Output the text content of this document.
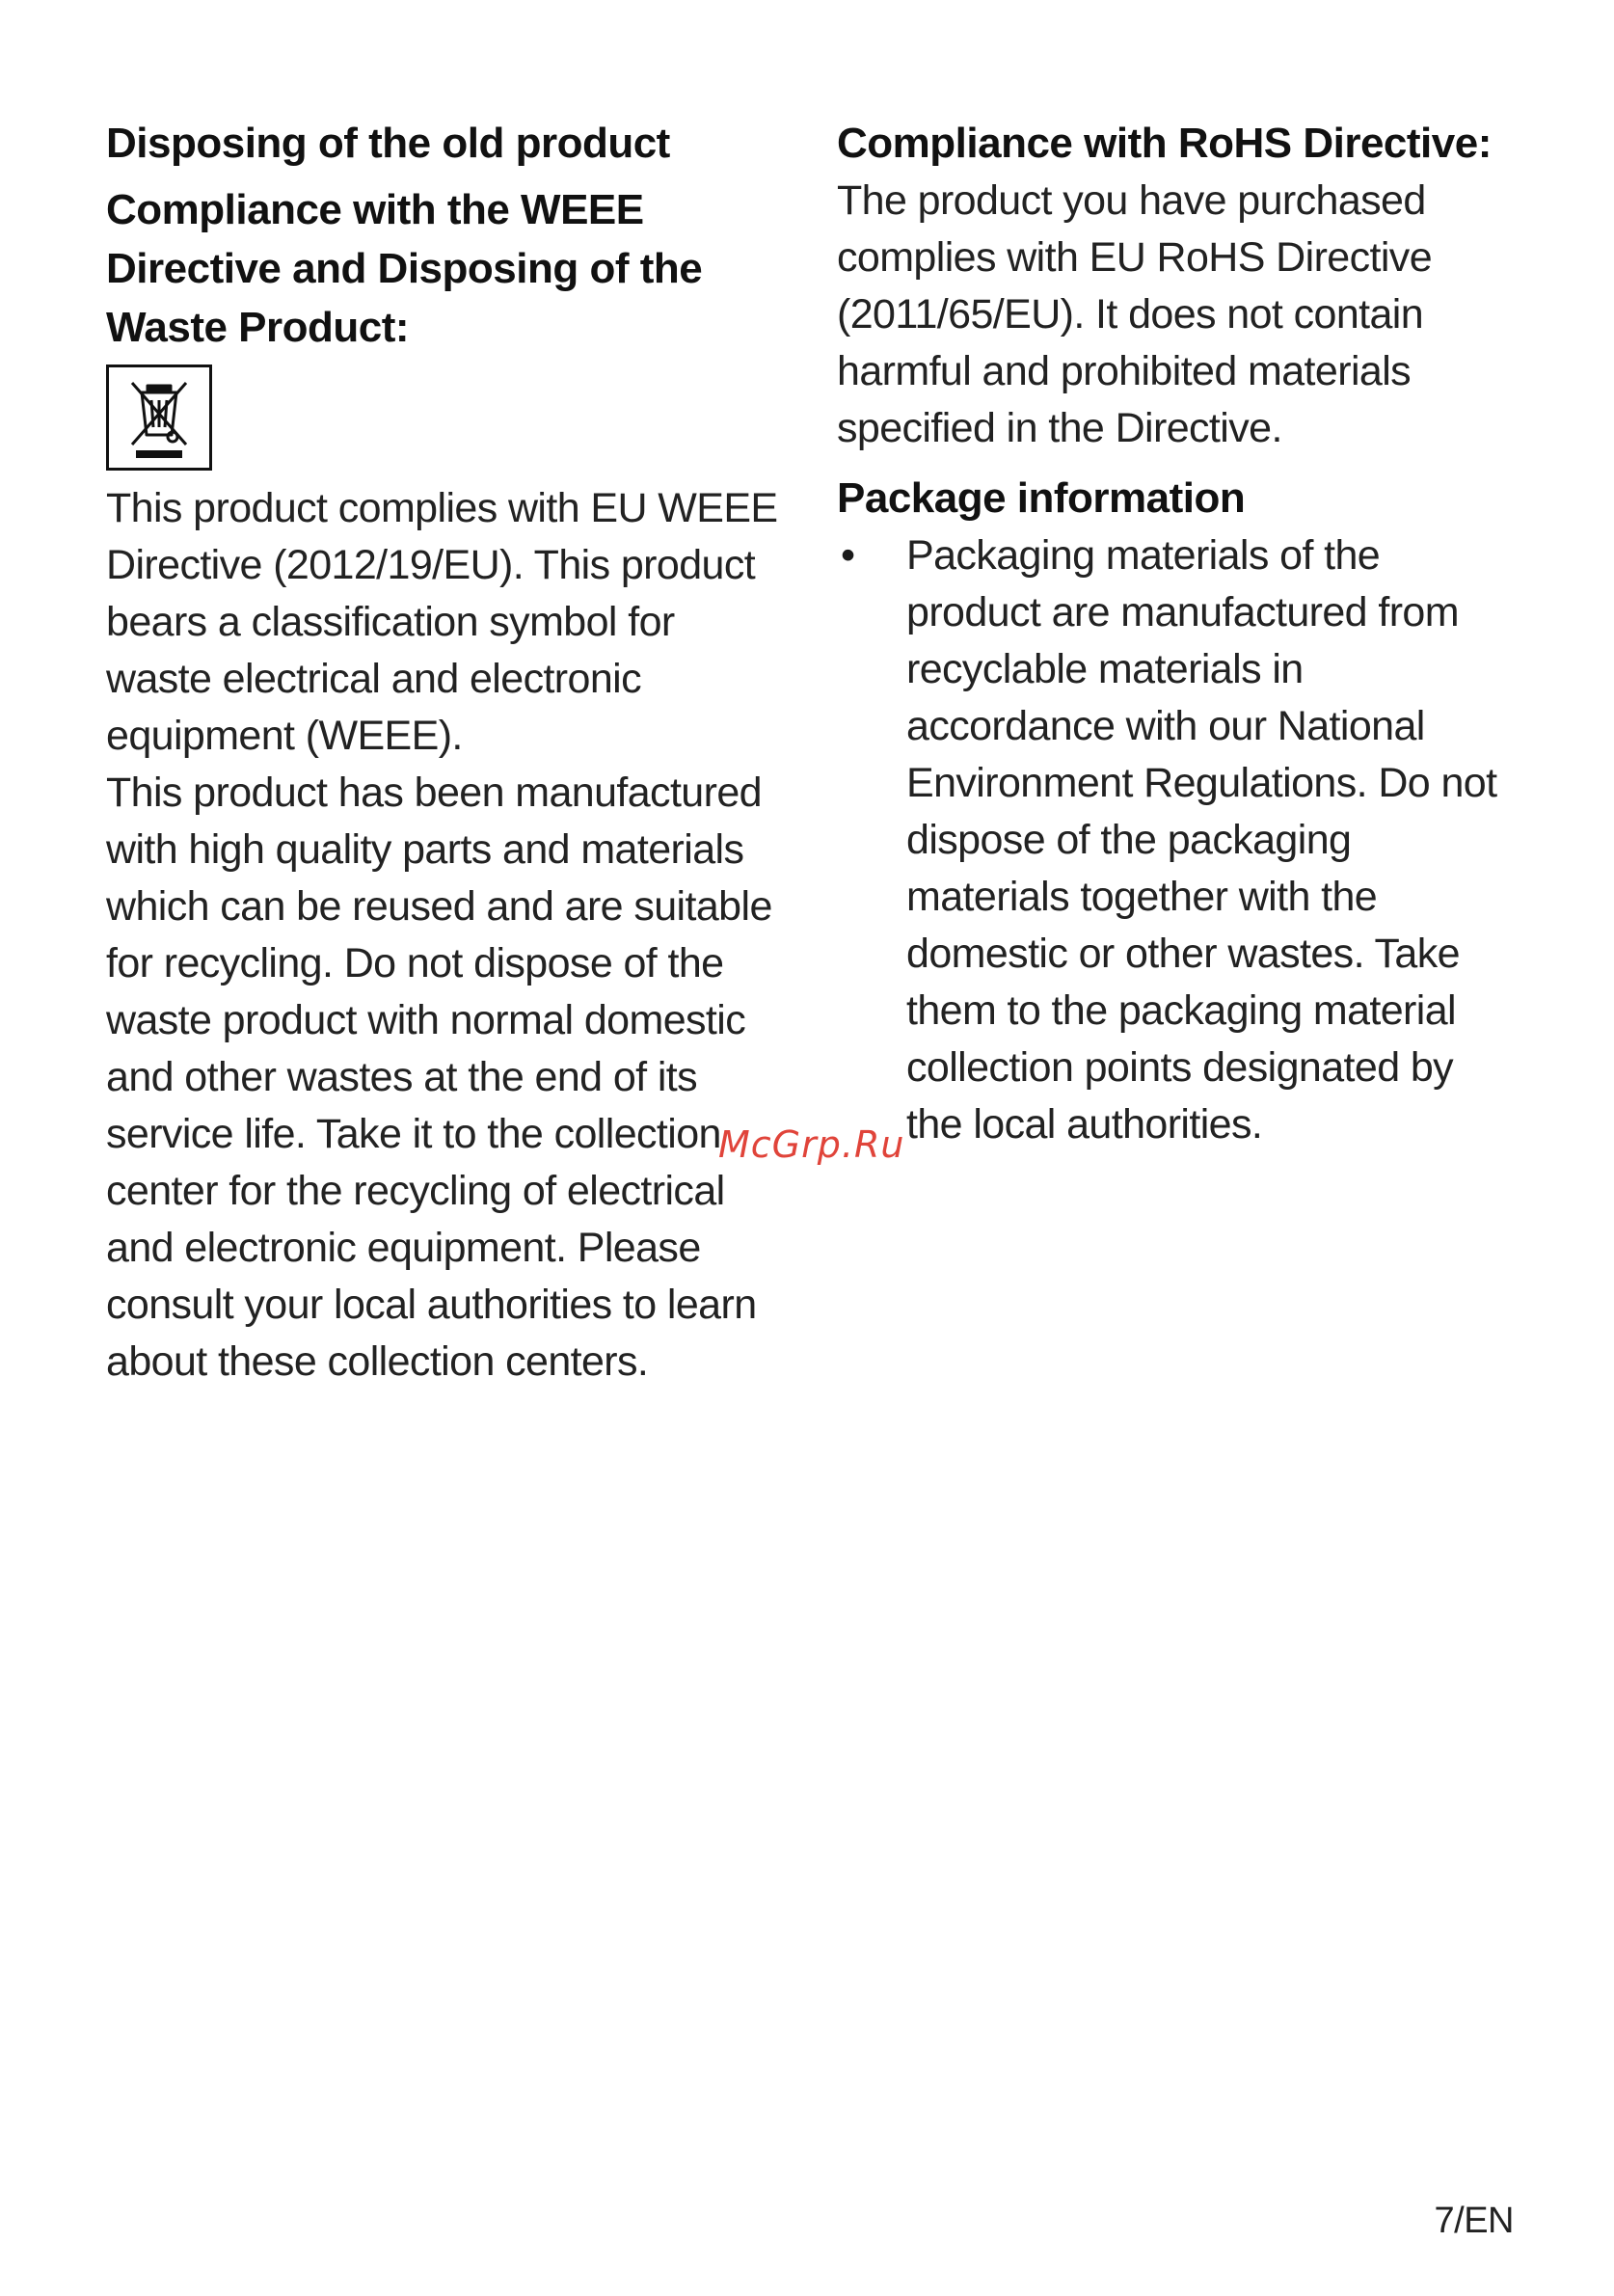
Disposing of the old product
Compliance with the WEEE
Directive and Disposing of the
Waste Product:

This product complies with EU WEEE
Directive (2012/19/EU). This product
bears a classification symbol for
waste electrical and electronic
equipment (WEEE).

This product has been manufactured
with high quality parts and materials
which can be reused and are suitable
for recycling. Do not dispose of the
waste product with normal domestic
and other wastes at the end of its
service life. Take it to the collection
center for the recycling of electrical
and electronic equipment. Please
consult your local authorities to learn
about these collection centers.

Compliance with RoHS Directive:

The product you have purchased
complies with EU RoHS Directive
(2011/65/EU). It does not contain
harmful and prohibited materials
specified in the Directive.

Package information
• Packaging materials of the
product are manufactured from
recyclable materials in
accordance with our National
Environment Regulations. Do not
dispose of the packaging
materials together with the
domestic or other wastes. Take
them to the packaging material
collection points designated by
the local authorities.

McGrp.Ru
7/EN
